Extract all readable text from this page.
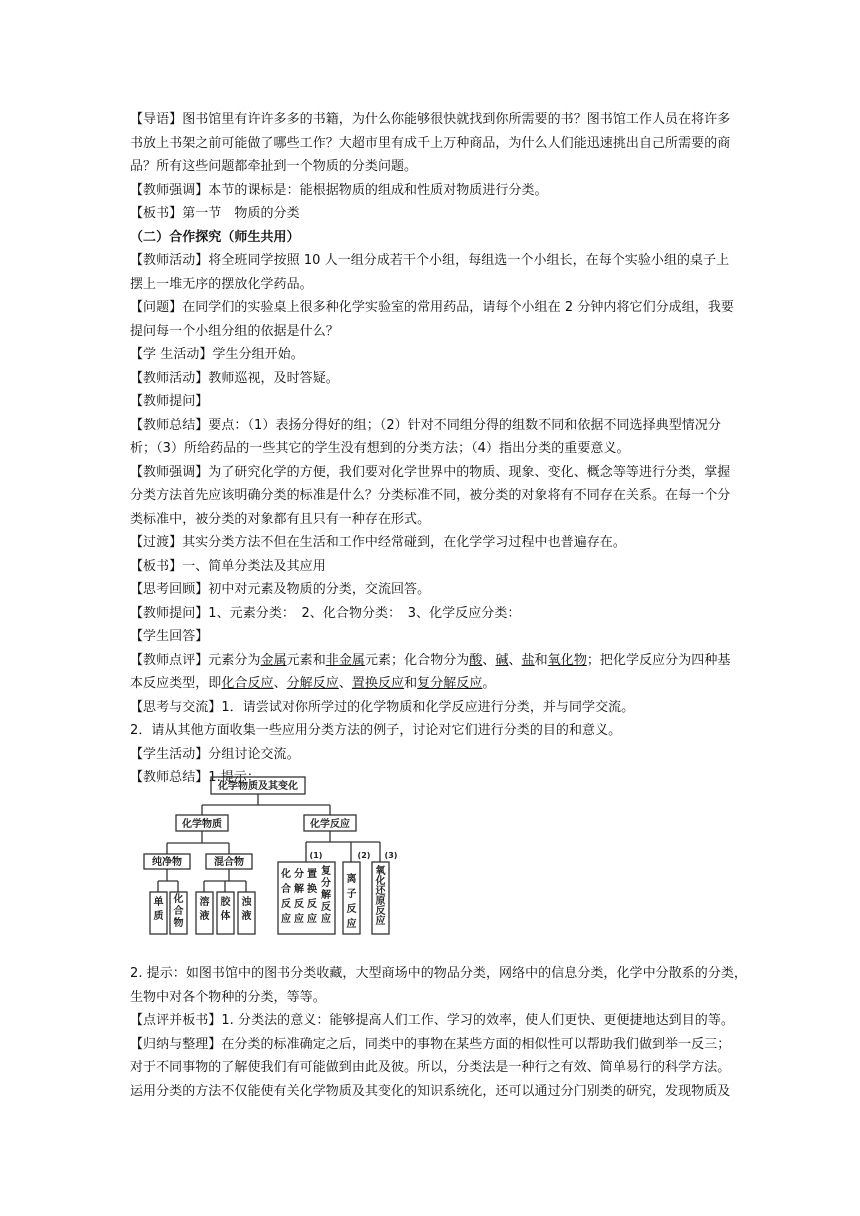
【导语】图书馆里有许许多多的书籍，为什么你能够很快就找到你所需要的书？图书馆工作人员在将许多
书放上书架之前可能做了哪些工作？大超市里有成千上万种商品，为什么人们能迅速挑出自己所需要的商
品？所有这些问题都牵扯到一个物质的分类问题。
【教师强调】本节的课标是：能根据物质的组成和性质对物质进行分类。
【板书】第一节　物质的分类
（二）合作探究（师生共用）
【教师活动】将全班同学按照 10 人一组分成若干个小组，每组选一个小组长，在每个实验小组的桌子上
摆上一堆无序的摆放化学药品。
【问题】在同学们的实验桌上很多种化学实验室的常用药品，请每个小组在 2 分钟内将它们分成组，我要
提问每一个小组分组的依据是什么？
【学 生活动】学生分组开始。
【教师活动】教师巡视，及时答疑。
【教师提问】
【教师总结】要点：（1）表扬分得好的组；（2）针对不同组分得的组数不同和依据不同选择典型情况分
析；（3）所给药品的一些其它的学生没有想到的分类方法；（4）指出分类的重要意义。
【教师强调】为了研究化学的方便，我们要对化学世界中的物质、现象、变化、概念等等进行分类，掌握
分类方法首先应该明确分类的标准是什么？分类标准不同，被分类的对象将有不同存在关系。在每一个分
类标准中，被分类的对象都有且只有一种存在形式。
【过渡】其实分类方法不但在生活和工作中经常碰到，在化学学习过程中也普遍存在。
【板书】一、简单分类法及其应用
【思考回顾】初中对元素及物质的分类，交流回答。
【教师提问】1、元素分类：　2、化合物分类：　3、化学反应分类：
【学生回答】
【教师点评】元素分为金属元素和非金属元素；化合物分为酸、碱、盐和氧化物；把化学反应分为四种基
本反应类型，即化合反应、分解反应、置换反应和复分解反应。
【思考与交流】1．请尝试对你所学过的化学物质和化学反应进行分类，并与同学交流。
2．请从其他方面收集一些应用分类方法的例子，讨论对它们进行分类的目的和意义。
【学生活动】分组讨论交流。
【教师总结】1.提示：
化学物质及其变化
化学物质	化学反应
纯净物	混合物
(1)	(2) (3)
单质
化合物
溶液
胶体
浊液
化合反应
分解反应
置换反应
复分解反应
离子反应
氧化还原反应
2. 提示：如图书馆中的图书分类收藏，大型商场中的物品分类，网络中的信息分类，化学中分散系的分类，
生物中对各个物种的分类，等等。
【点评并板书】1. 分类法的意义：能够提高人们工作、学习的效率，使人们更快、更便捷地达到目的等。
【归纳与整理】在分类的标准确定之后，同类中的事物在某些方面的相似性可以帮助我们做到举一反三；
对于不同事物的了解使我们有可能做到由此及彼。所以，分类法是一种行之有效、简单易行的科学方法。
运用分类的方法不仅能使有关化学物质及其变化的知识系统化，还可以通过分门别类的研究，发现物质及
